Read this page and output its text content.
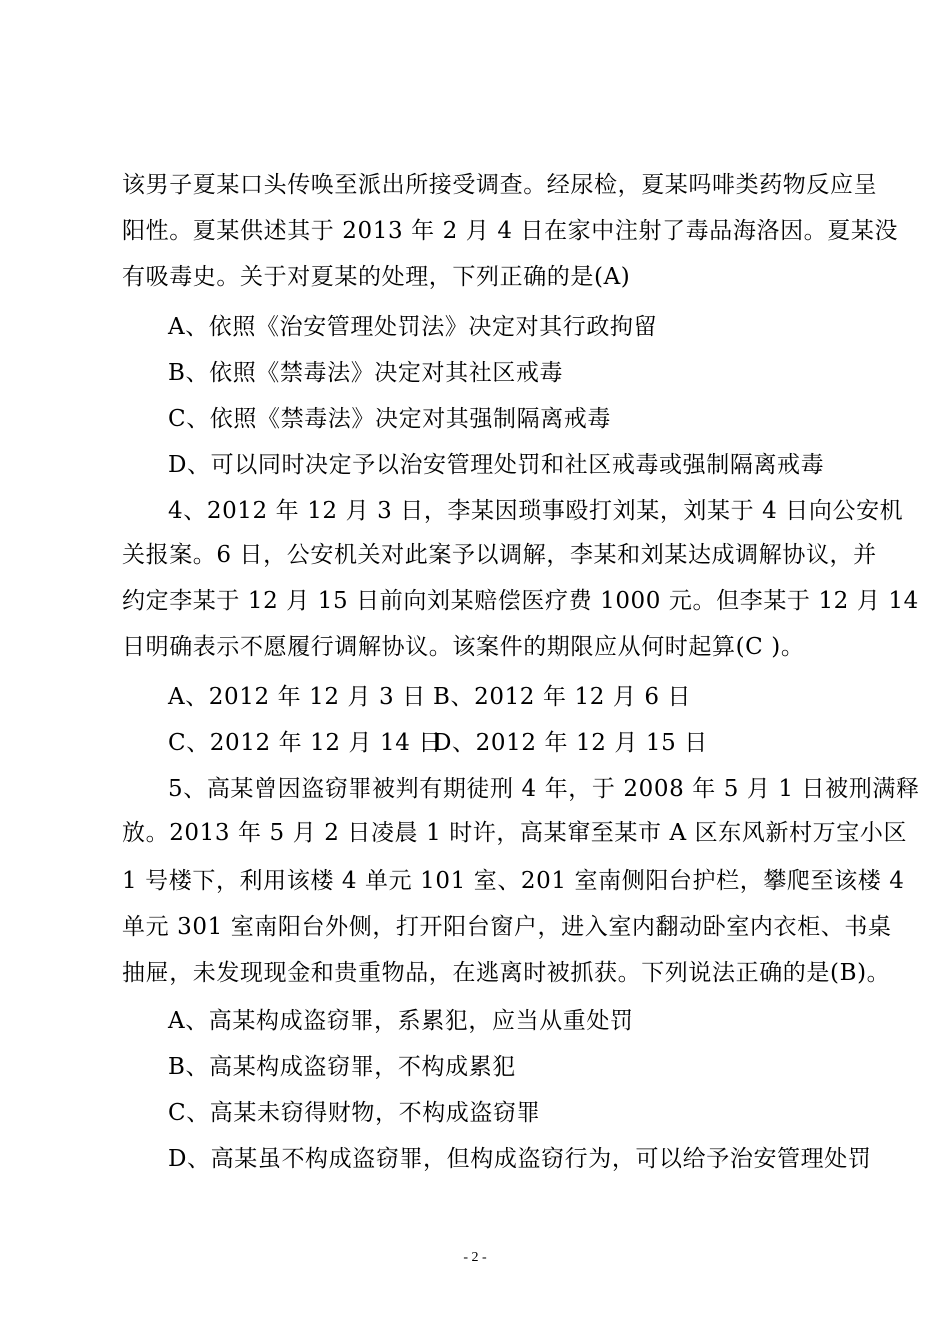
该男子夏某口头传唤至派出所接受调查。经尿检，夏某吗啡类药物反应呈
阳性。夏某供述其于 2013 年 2 月 4 日在家中注射了毒品海洛因。夏某没
有吸毒史。关于对夏某的处理，下列正确的是(A)
A、依照《治安管理处罚法》决定对其行政拘留
B、依照《禁毒法》决定对其社区戒毒
C、依照《禁毒法》决定对其强制隔离戒毒
D、可以同时决定予以治安管理处罚和社区戒毒或强制隔离戒毒
4、2012 年 12 月 3 日，李某因琐事殴打刘某，刘某于 4 日向公安机
关报案。6 日，公安机关对此案予以调解，李某和刘某达成调解协议，并
约定李某于 12 月 15 日前向刘某赔偿医疗费 1000 元。但李某于 12 月 14
日明确表示不愿履行调解协议。该案件的期限应从何时起算(C )。
A、2012 年 12 月 3 日 B、2012 年 12 月 6 日
C、2012 年 12 月 14 日
D、2012 年 12 月 15 日
5、高某曾因盗窃罪被判有期徒刑 4 年，于 2008 年 5 月 1 日被刑满释
放。2013 年 5 月 2 日凌晨 1 时许，高某窜至某市 A 区东风新村万宝小区
1 号楼下，利用该楼 4 单元 101 室、201 室南侧阳台护栏，攀爬至该楼 4
单元 301 室南阳台外侧，打开阳台窗户，进入室内翻动卧室内衣柜、书桌
抽屉，未发现现金和贵重物品，在逃离时被抓获。下列说法正确的是(B)。
A、高某构成盗窃罪，系累犯，应当从重处罚
B、高某构成盗窃罪，不构成累犯
C、高某未窃得财物，不构成盗窃罪
D、高某虽不构成盗窃罪，但构成盗窃行为，可以给予治安管理处罚
- 2 -
